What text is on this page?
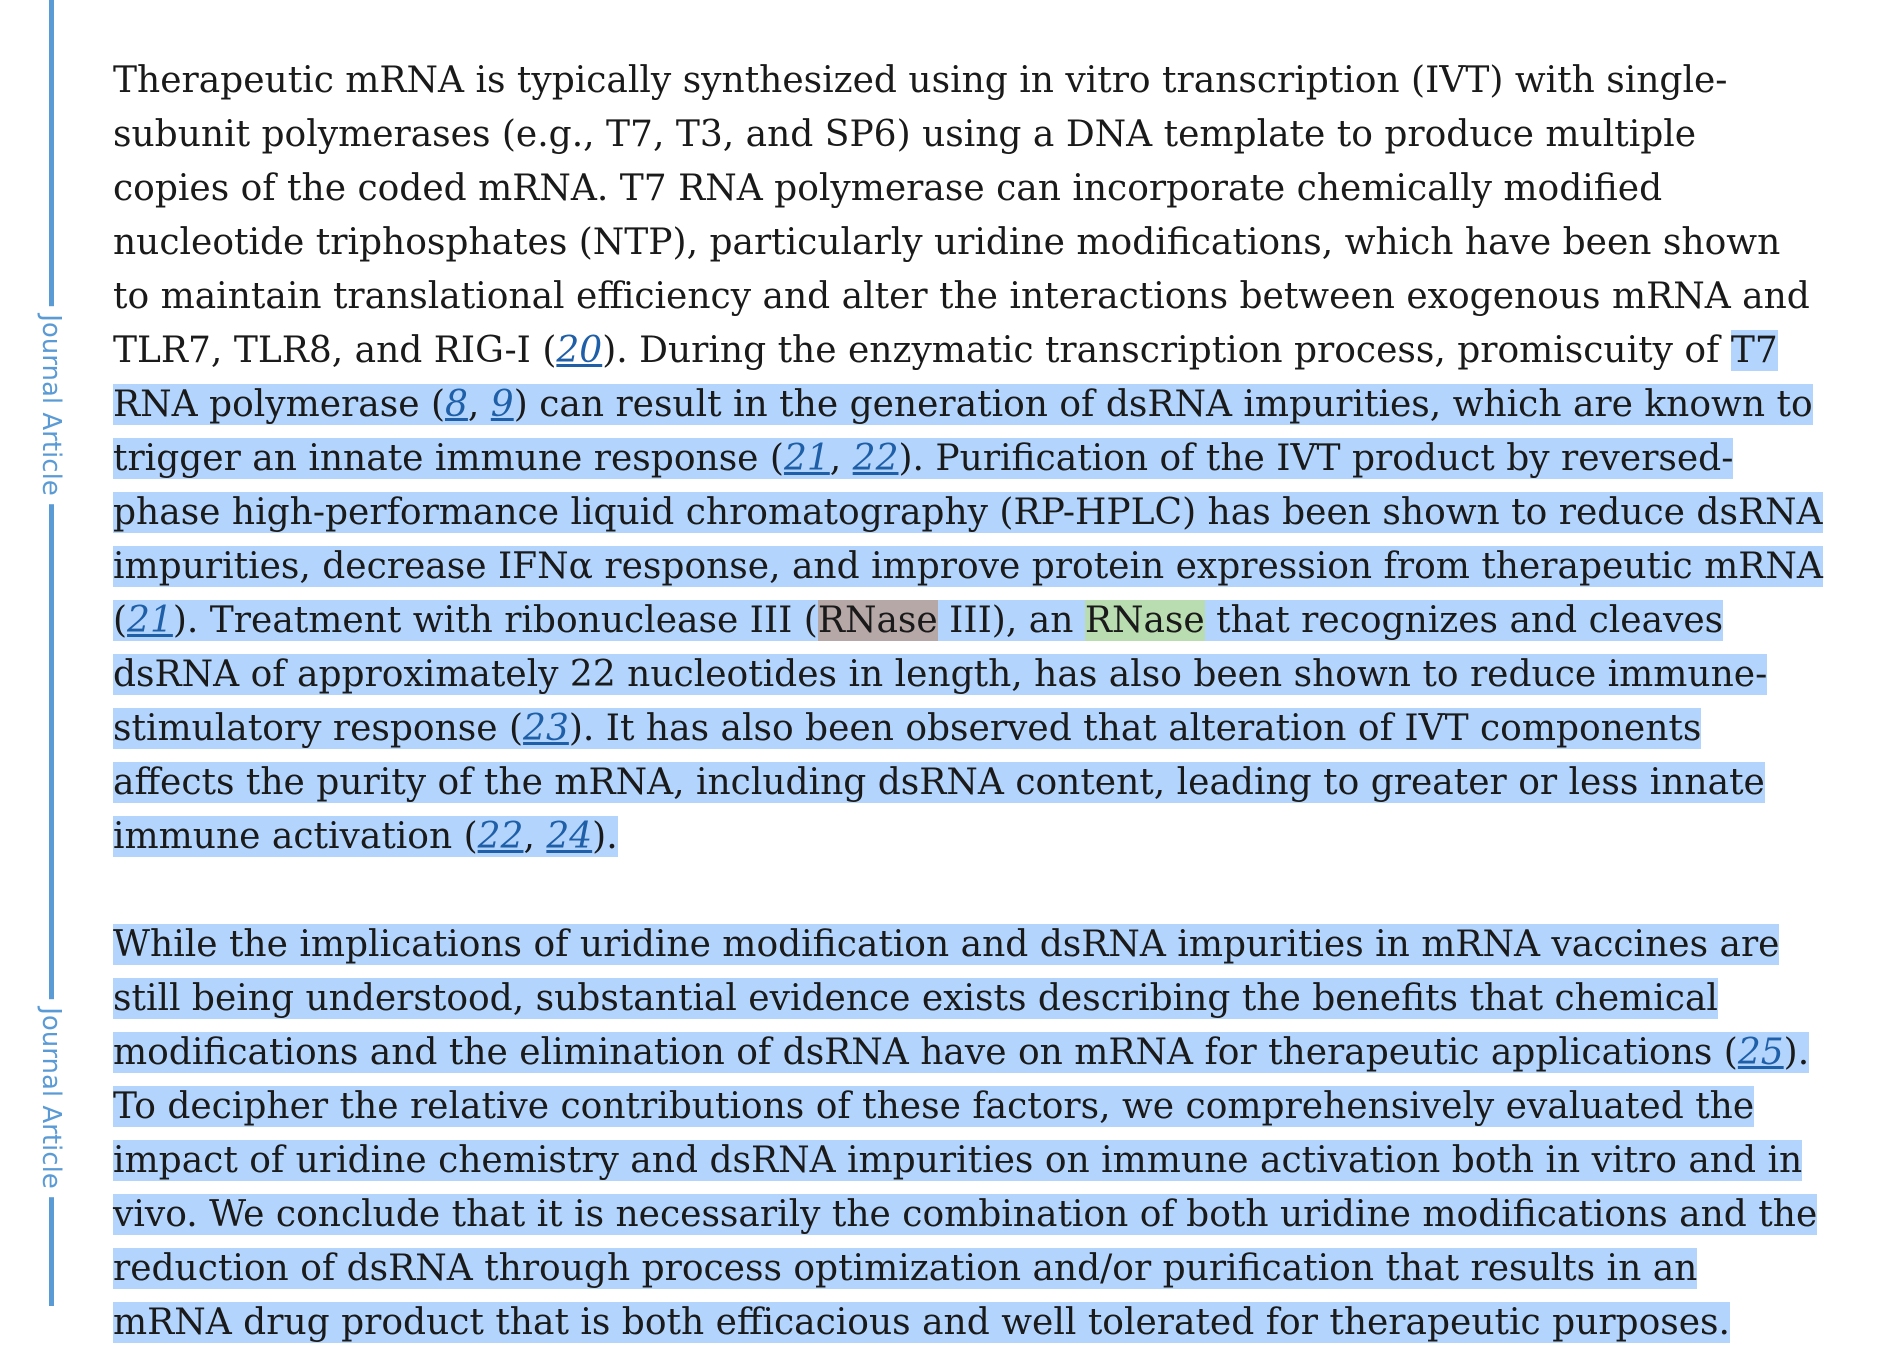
Journal Article
Journal Article

Therapeutic mRNA is typically synthesized using in vitro transcription (IVT) with single-subunit polymerases (e.g., T7, T3, and SP6) using a DNA template to produce multiple copies of the coded mRNA. T7 RNA polymerase can incorporate chemically modified nucleotide triphosphates (NTP), particularly uridine modifications, which have been shown to maintain translational efficiency and alter the interactions between exogenous mRNA and TLR7, TLR8, and RIG-I (20). During the enzymatic transcription process, promiscuity of T7 RNA polymerase (8, 9) can result in the generation of dsRNA impurities, which are known to trigger an innate immune response (21, 22). Purification of the IVT product by reversed-phase high-performance liquid chromatography (RP-HPLC) has been shown to reduce dsRNA impurities, decrease IFNα response, and improve protein expression from therapeutic mRNA (21). Treatment with ribonuclease III (RNase III), an RNase that recognizes and cleaves dsRNA of approximately 22 nucleotides in length, has also been shown to reduce immune-stimulatory response (23). It has also been observed that alteration of IVT components affects the purity of the mRNA, including dsRNA content, leading to greater or less innate immune activation (22, 24).

While the implications of uridine modification and dsRNA impurities in mRNA vaccines are still being understood, substantial evidence exists describing the benefits that chemical modifications and the elimination of dsRNA have on mRNA for therapeutic applications (25). To decipher the relative contributions of these factors, we comprehensively evaluated the impact of uridine chemistry and dsRNA impurities on immune activation both in vitro and in vivo. We conclude that it is necessarily the combination of both uridine modifications and the reduction of dsRNA through process optimization and/or purification that results in an mRNA drug product that is both efficacious and well tolerated for therapeutic purposes.
